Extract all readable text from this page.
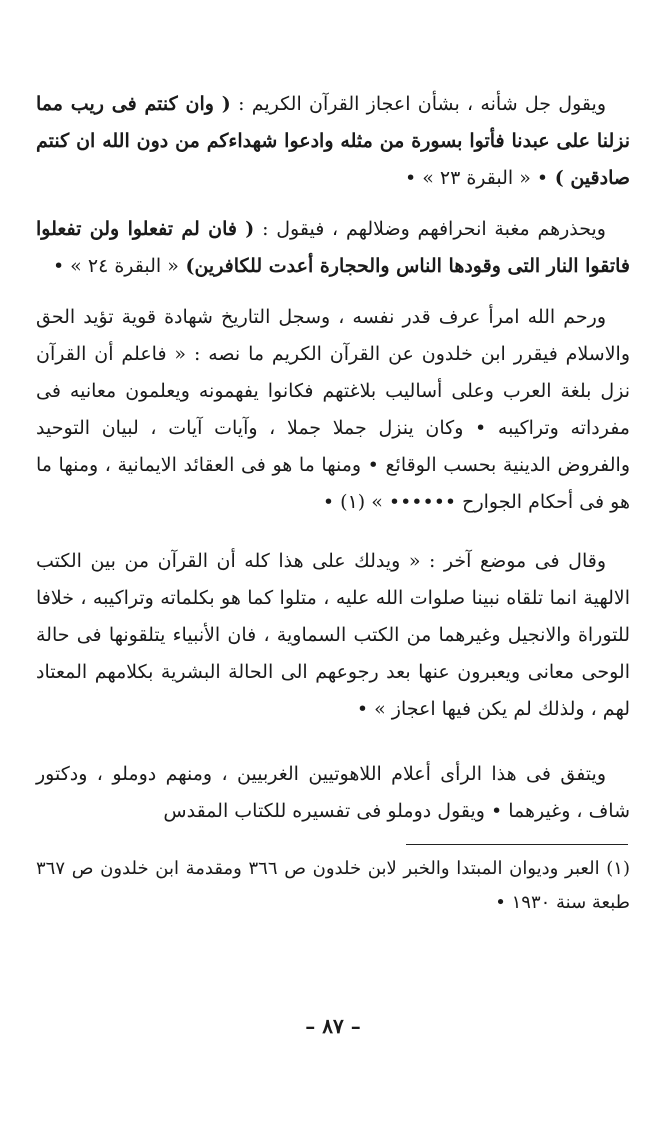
ويقول جل شأنه ، بشأن اعجاز القرآن الكريم : ( وان كنتم فى ريب مما نزلنا على عبدنا فأتوا بسورة من مثله وادعوا شهداءكم من دون الله ان كنتم صادقين ) • « البقرة ٢٣ » •

ويحذرهم مغبة انحرافهم وضلالهم ، فيقول : ( فان لم تفعلوا ولن تفعلوا فاتقوا النار التى وقودها الناس والحجارة أعدت للكافرين) « البقرة ٢٤ » •

ورحم الله امرأ عرف قدر نفسه ، وسجل التاريخ شهادة قوية تؤيد الحق والاسلام فيقرر ابن خلدون عن القرآن الكريم ما نصه : « فاعلم أن القرآن نزل بلغة العرب وعلى أساليب بلاغتهم فكانوا يفهمونه ويعلمون معانيه فى مفرداته وتراكيبه • وكان ينزل جملا جملا ، وآيات آيات ، لبيان التوحيد والفروض الدينية بحسب الوقائع • ومنها ما هو فى العقائد الايمانية ، ومنها ما هو فى أحكام الجوارح •••••• » (١) •

وقال فى موضع آخر : « ويدلك على هذا كله أن القرآن من بين الكتب الالهية انما تلقاه نبينا صلوات الله عليه ، متلوا كما هو بكلماته وتراكيبه ، خلافا للتوراة والانجيل وغيرهما من الكتب السماوية ، فان الأنبياء يتلقونها فى حالة الوحى معانى ويعبرون عنها بعد رجوعهم الى الحالة البشرية بكلامهم المعتاد لهم ، ولذلك لم يكن فيها اعجاز » •

ويتفق فى هذا الرأى أعلام اللاهوتيين الغربيين ، ومنهم دوملو ، ودكتور شاف ، وغيرهما • ويقول دوملو فى تفسيره للكتاب المقدس

(١) العبر وديوان المبتدا والخبر لابن خلدون ص ٣٦٦ ومقدمة ابن خلدون ص ٣٦٧ طبعة سنة ١٩٣٠ •

– ٨٧ –
